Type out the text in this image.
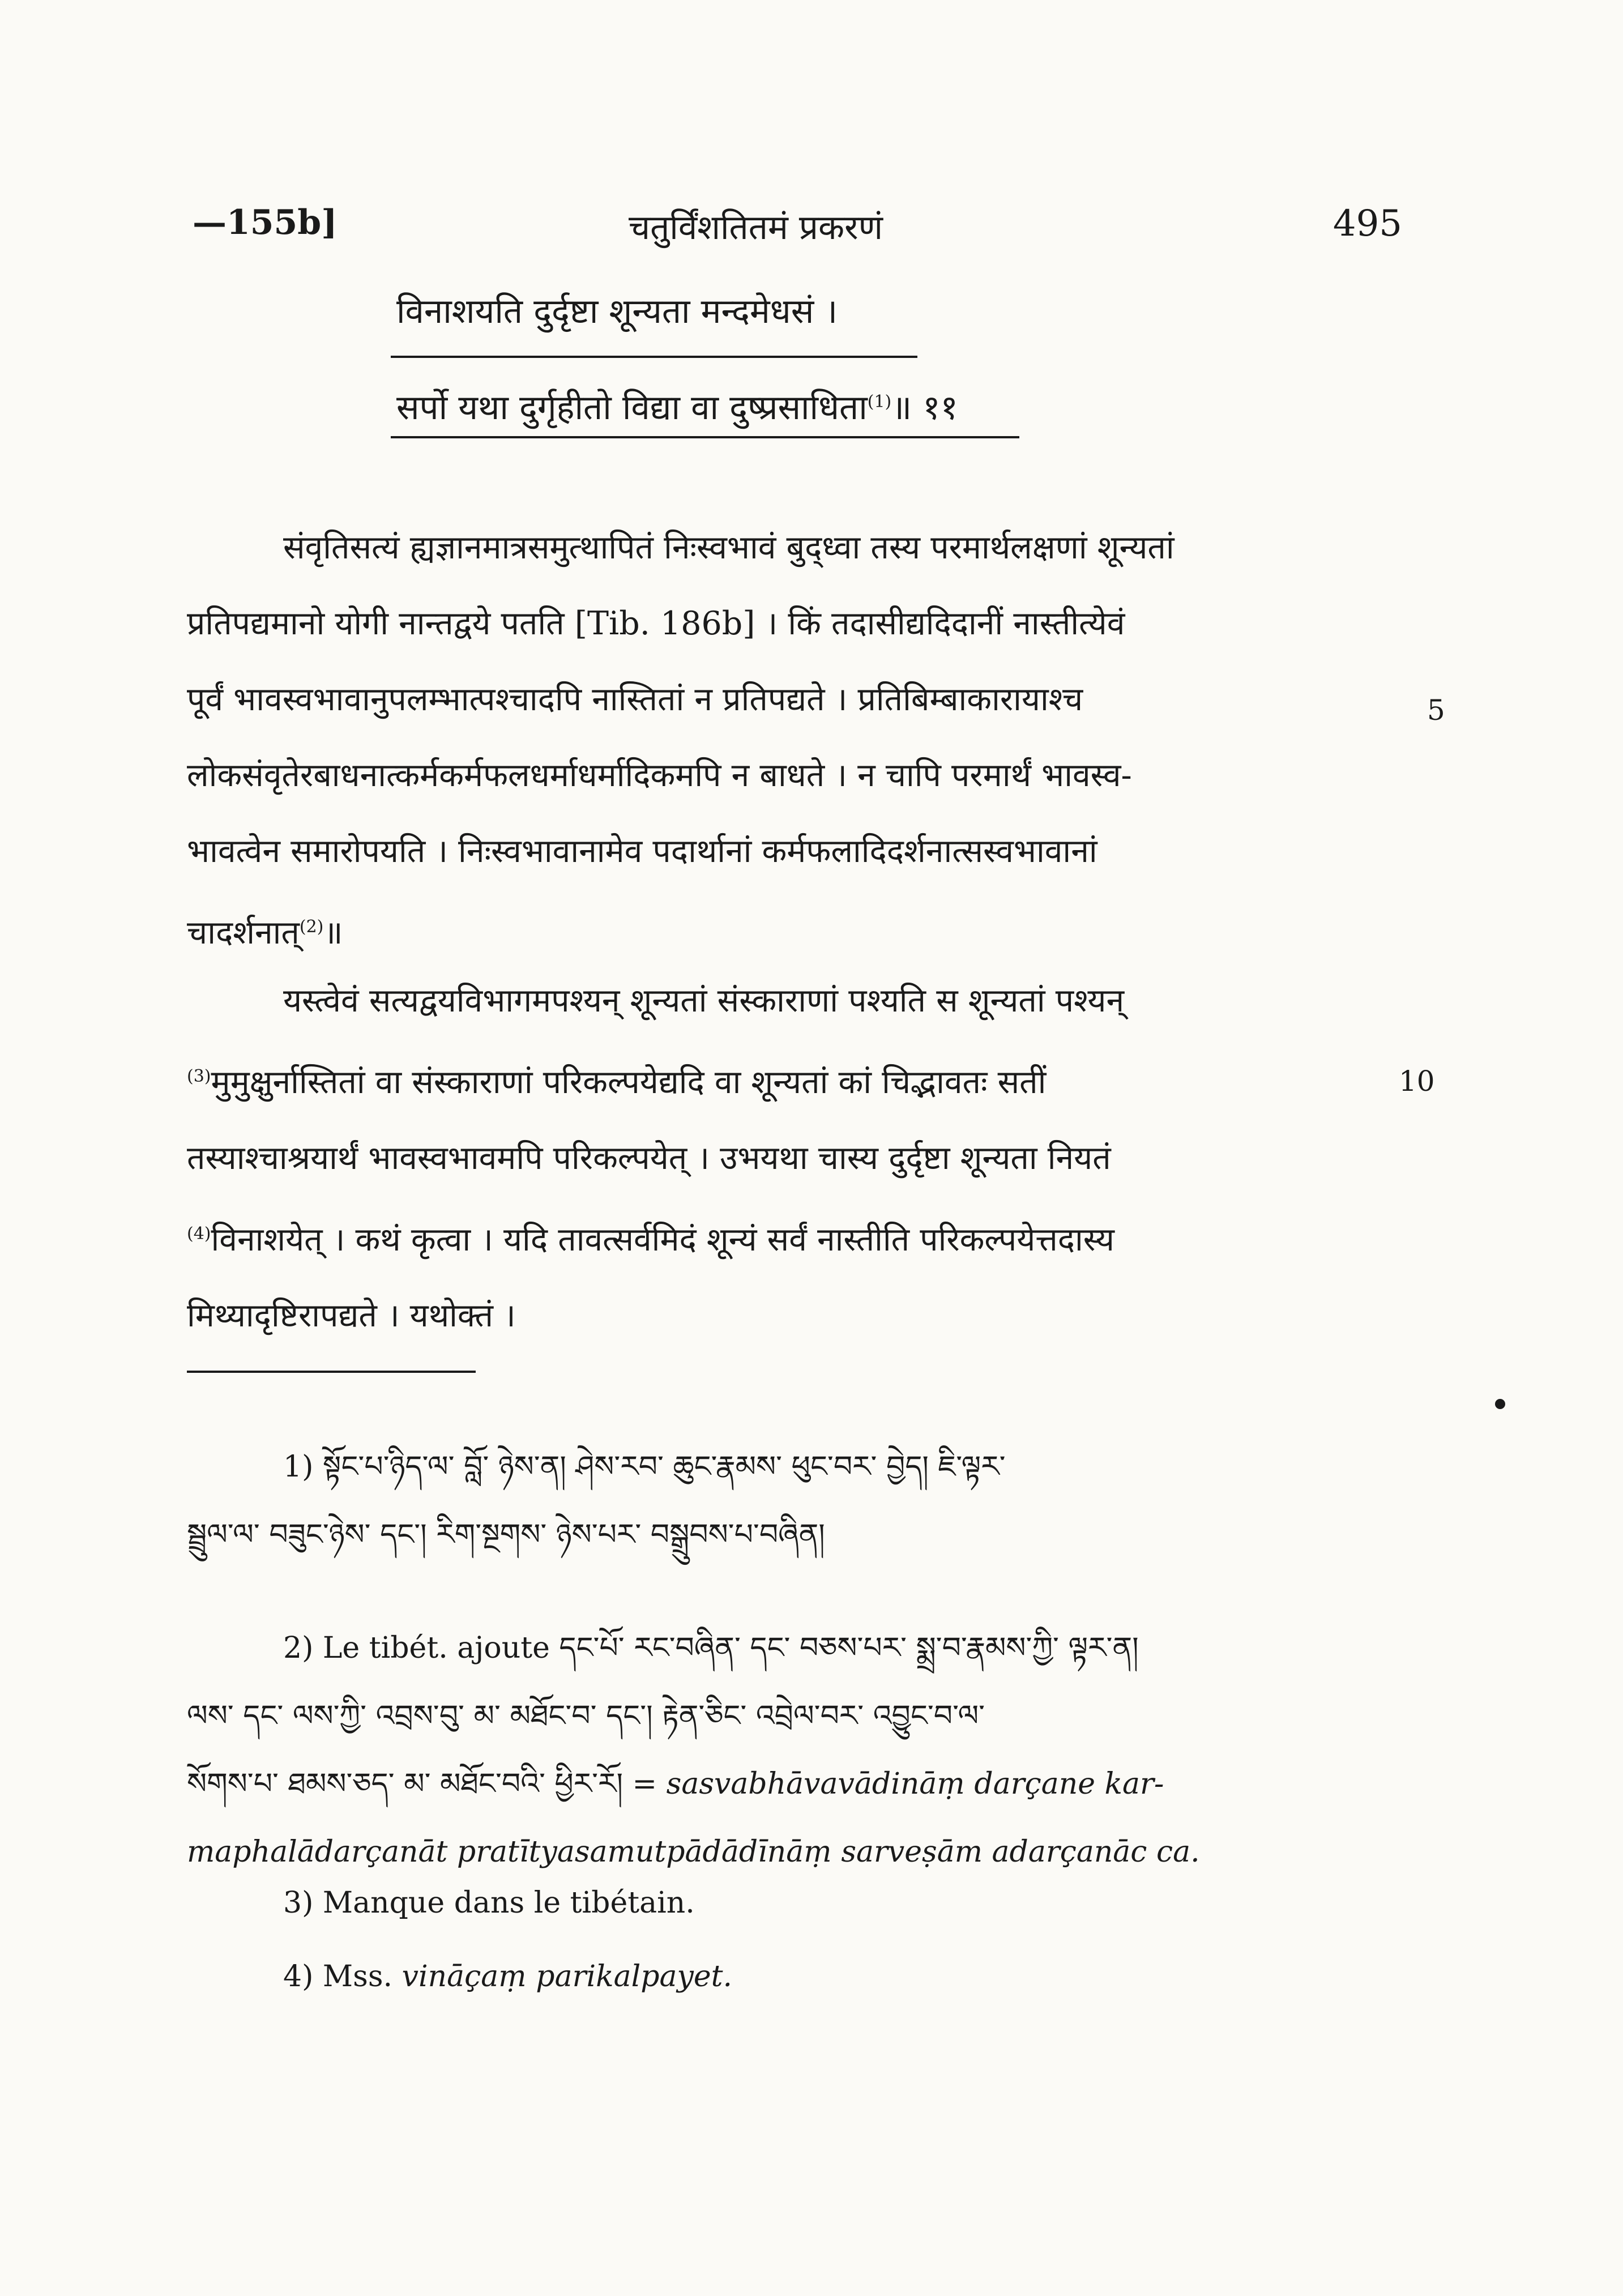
—155b]	चतुर्विंशतितमं प्रकरणं	495
विनाशयति दुर्दृष्टा शून्यता मन्दमेधसं ।
सर्पो यथा दुर्गृहीतो विद्या वा दुष्प्रसाधिता$^{(1)}$॥ ११
संवृतिसत्यं ह्यज्ञानमात्रसमुत्थापितं निःस्वभावं बुद्ध्वा तस्य परमार्थलक्षणां शून्यतां
प्रतिपद्यमानो योगी नान्तद्वये पतति [Tib. 186b] । किं तदासीद्यदिदानीं नास्तीत्येवं
पूर्वं भावस्वभावानुपलम्भात्पश्चादपि नास्तितां न प्रतिपद्यते । प्रतिबिम्बाकारायाश्च
लोकसंवृतेरबाधनात्कर्मकर्मफलधर्माधर्मादिकमपि न बाधते । न चापि परमार्थं भावस्व-
भावत्वेन समारोपयति । निःस्वभावानामेव पदार्थानां कर्मफलादिदर्शनात्सस्वभावानां
चादर्शनात्$^{(2)}$॥
5
यस्त्वेवं सत्यद्वयविभागमपश्यन् शून्यतां संस्काराणां पश्यति स शून्यतां पश्यन्
$^{(3)}$मुमुक्षुर्नास्तितां वा संस्काराणां परिकल्पयेद्यदि वा शून्यतां कां चिद्भावतः सतीं
तस्याश्चाश्रयार्थं भावस्वभावमपि परिकल्पयेत् । उभयथा चास्य दुर्दृष्टा शून्यता नियतं
$^{(4)}$विनाशयेत् । कथं कृत्वा । यदि तावत्सर्वमिदं शून्यं सर्वं नास्तीति परिकल्पयेत्तदास्य
मिथ्यादृष्टिरापद्यते । यथोक्तं ।
10
1) སྟོང་པ་ཉིད་ལ་ བློ་ ཉེས་ན། ཤེས་རབ་ ཆུང་རྣམས་ ཕུང་བར་ བྱེད། ཇི་ལྟར་
སྦྲུལ་ལ་ བཟུང་ཉེས་ དང་། རིག་སྔགས་ ཉེས་པར་ བསྒྲུབས་པ་བཞིན།
2) Le tibét. ajoute དང་པོ་ རང་བཞིན་ དང་ བཅས་པར་ སྨྲ་བ་རྣམས་ཀྱི་ ལྟར་ན།
ལས་ དང་ ལས་ཀྱི་ འབྲས་བུ་ མ་ མཐོང་བ་ དང་། རྟེན་ཅིང་ འབྲེལ་བར་ འབྱུང་བ་ལ་
སོགས་པ་ ཐམས་ཅད་ མ་ མཐོང་བའི་ ཕྱིར་རོ། = sasvabhāvavādināṃ darçane kar-
maphalādarçanāt pratītyasamutpādādīnāṃ sarveṣām adarçanāc ca.
3) Manque dans le tibétain.
4) Mss. vināçaṃ parikalpayet.
